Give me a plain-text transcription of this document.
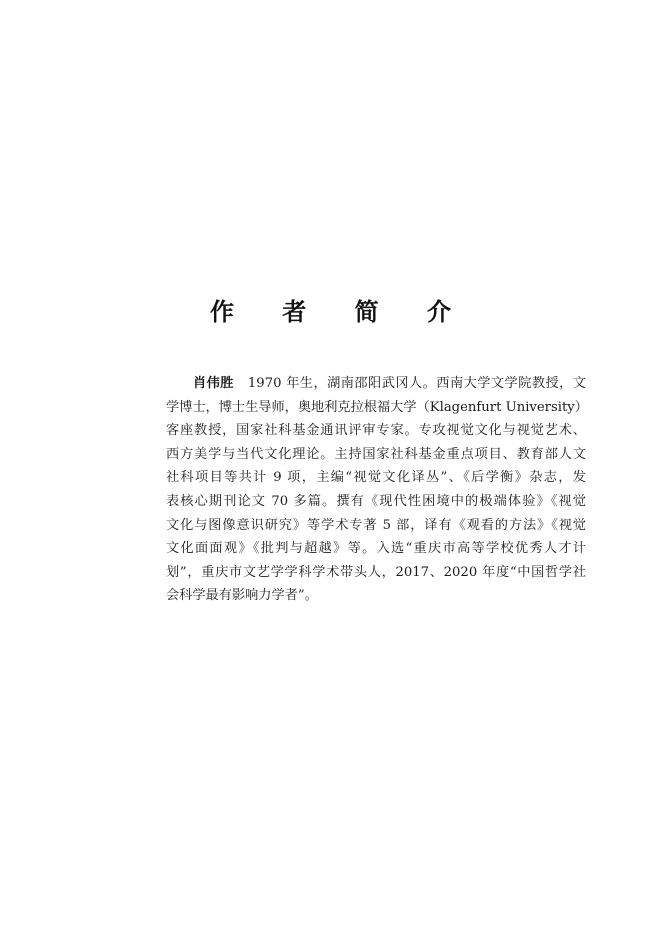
作 者 简 介
肖伟胜 1970 年生，湖南邵阳武冈人。西南大学文学院教授，文
学博士，博士生导师，奥地利克拉根福大学（Klagenfurt University）
客座教授，国家社科基金通讯评审专家。专攻视觉文化与视觉艺术、
西方美学与当代文化理论。主持国家社科基金重点项目、教育部人文
社科项目等共计 9 项，主编“视觉文化译丛”、《后学衡》杂志，发
表核心期刊论文 70 多篇。撰有《现代性困境中的极端体验》《视觉
文化与图像意识研究》等学术专著 5 部，译有《观看的方法》《视觉
文化面面观》《批判与超越》等。入选“重庆市高等学校优秀人才计
划”，重庆市文艺学学科学术带头人，2017、2020 年度“中国哲学社
会科学最有影响力学者”。
